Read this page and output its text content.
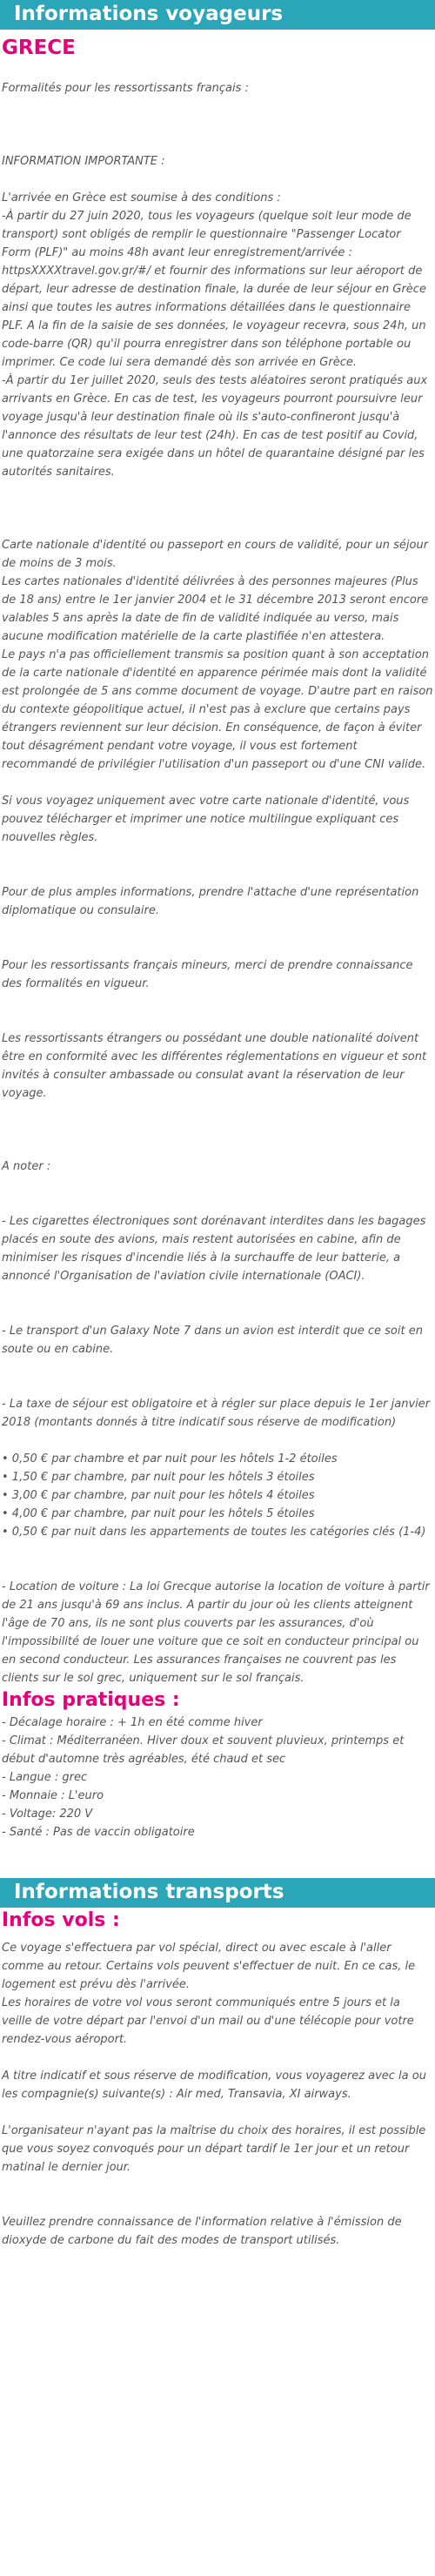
Informations voyageurs
GRECE
Formalités pour les ressortissants français :
INFORMATION IMPORTANTE :
L'arrivée en Grèce est soumise à des conditions :
-À partir du 27 juin 2020, tous les voyageurs (quelque soit leur mode de transport) sont obligés de remplir le questionnaire "Passenger Locator Form (PLF)" au moins 48h avant leur enregistrement/arrivée : httpsXXXXtravel.gov.gr/#/ et fournir des informations sur leur aéroport de départ, leur adresse de destination finale, la durée de leur séjour en Grèce ainsi que toutes les autres informations détaillées dans le questionnaire PLF. A la fin de la saisie de ses données, le voyageur recevra, sous 24h, un code-barre (QR) qu'il pourra enregistrer dans son téléphone portable ou imprimer. Ce code lui sera demandé dès son arrivée en Grèce.
-À partir du 1er juillet 2020, seuls des tests aléatoires seront pratiqués aux arrivants en Grèce. En cas de test, les voyageurs pourront poursuivre leur voyage jusqu'à leur destination finale où ils s'auto-confineront jusqu'à l'annonce des résultats de leur test (24h). En cas de test positif au Covid, une quatorzaine sera exigée dans un hôtel de quarantaine désigné par les autorités sanitaires.
Carte nationale d'identité ou passeport en cours de validité, pour un séjour de moins de 3 mois.
Les cartes nationales d'identité délivrées à des personnes majeures (Plus de 18 ans) entre le 1er janvier 2004 et le 31 décembre 2013 seront encore valables 5 ans après la date de fin de validité indiquée au verso, mais aucune modification matérielle de la carte plastifiée n'en attestera.
Le pays n'a pas officiellement transmis sa position quant à son acceptation de la carte nationale d'identité en apparence périmée mais dont la validité est prolongée de 5 ans comme document de voyage. D'autre part en raison du contexte géopolitique actuel, il n'est pas à exclure que certains pays étrangers reviennent sur leur décision. En conséquence, de façon à éviter tout désagrément pendant votre voyage, il vous est fortement recommandé de privilégier l'utilisation d'un passeport ou d'une CNI valide.
Si vous voyagez uniquement avec votre carte nationale d'identité, vous pouvez télécharger et imprimer une notice multilingue expliquant ces nouvelles règles.
Pour de plus amples informations, prendre l'attache d'une représentation diplomatique ou consulaire.
Pour les ressortissants français mineurs, merci de prendre connaissance des formalités en vigueur.
Les ressortissants étrangers ou possédant une double nationalité doivent être en conformité avec les différentes réglementations en vigueur et sont invités à consulter ambassade ou consulat avant la réservation de leur voyage.
A noter :
- Les cigarettes électroniques sont dorénavant interdites dans les bagages placés en soute des avions, mais restent autorisées en cabine, afin de minimiser les risques d'incendie liés à la surchauffe de leur batterie, a annoncé l'Organisation de l'aviation civile internationale (OACI).
- Le transport d'un Galaxy Note 7 dans un avion est interdit que ce soit en soute ou en cabine.
- La taxe de séjour est obligatoire et à régler sur place depuis le 1er janvier 2018 (montants donnés à titre indicatif sous réserve de modification)
• 0,50 € par chambre et par nuit pour les hôtels 1-2 étoiles
• 1,50 € par chambre, par nuit pour les hôtels 3 étoiles
• 3,00 € par chambre, par nuit pour les hôtels 4 étoiles
• 4,00 € par chambre, par nuit pour les hôtels 5 étoiles
• 0,50 € par nuit dans les appartements de toutes les catégories clés (1-4)
- Location de voiture : La loi Grecque autorise la location de voiture à partir de 21 ans jusqu'à 69 ans inclus. A partir du jour où les clients atteignent l'âge de 70 ans, ils ne sont plus couverts par les assurances, d'où l'impossibilité de louer une voiture que ce soit en conducteur principal ou en second conducteur. Les assurances françaises ne couvrent pas les clients sur le sol grec, uniquement sur le sol français.
Infos pratiques :
- Décalage horaire : + 1h en été comme hiver
- Climat : Méditerranéen. Hiver doux et souvent pluvieux, printemps et début d'automne très agréables, été chaud et sec
- Langue : grec
- Monnaie : L'euro
- Voltage: 220 V
- Santé : Pas de vaccin obligatoire
Informations transports
Infos vols :
Ce voyage s'effectuera par vol spécial, direct ou avec escale à l'aller comme au retour. Certains vols peuvent s'effectuer de nuit. En ce cas, le logement est prévu dès l'arrivée.
Les horaires de votre vol vous seront communiqués entre 5 jours et la veille de votre départ par l'envoi d'un mail ou d'une télécopie pour votre rendez-vous aéroport.
A titre indicatif et sous réserve de modification, vous voyagerez avec la ou les compagnie(s) suivante(s) : Air med, Transavia, XI airways.
L'organisateur n'ayant pas la maîtrise du choix des horaires, il est possible que vous soyez convoqués pour un départ tardif le 1er jour et un retour matinal le dernier jour.
Veuillez prendre connaissance de l'information relative à l'émission de dioxyde de carbone du fait des modes de transport utilisés.
